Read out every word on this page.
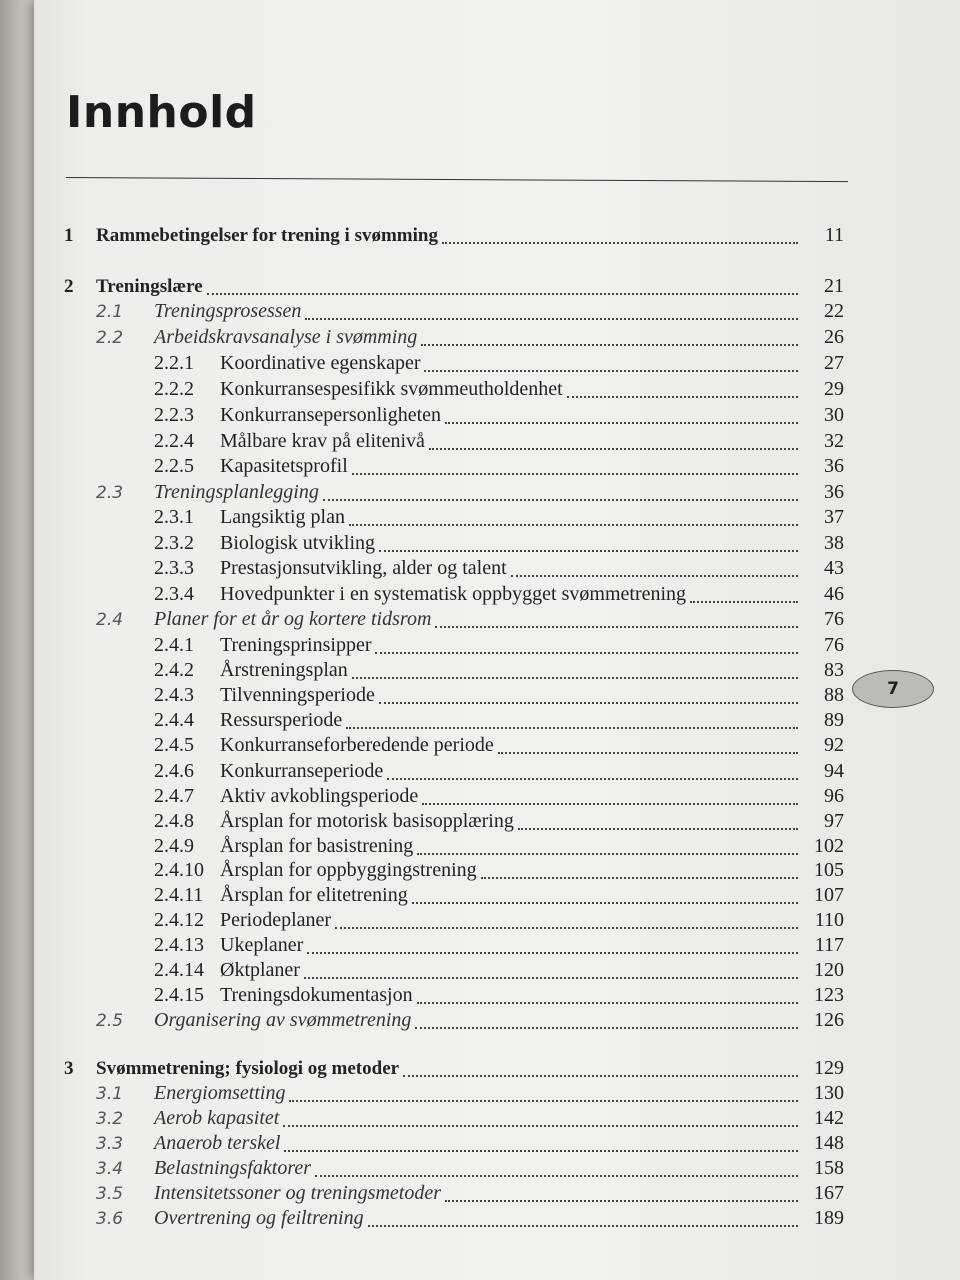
Innhold
1	Rammebetingelser for trening i svømming	11
2	Treningslære	21
2.1	Treningsprosessen	22
2.2	Arbeidskravsanalyse i svømming	26
2.2.1	Koordinative egenskaper	27
2.2.2	Konkurransespesifikk svømmeutholdenhet	29
2.2.3	Konkurransepersonligheten	30
2.2.4	Målbare krav på elitenivå	32
2.2.5	Kapasitetsprofil	36
2.3	Treningsplanlegging	36
2.3.1	Langsiktig plan	37
2.3.2	Biologisk utvikling	38
2.3.3	Prestasjonsutvikling, alder og talent	43
2.3.4	Hovedpunkter i en systematisk oppbygget svømmetrening	46
2.4	Planer for et år og kortere tidsrom	76
2.4.1	Treningsprinsipper	76
2.4.2	Årstreningsplan	83
2.4.3	Tilvenningsperiode	88
2.4.4	Ressursperiode	89
2.4.5	Konkurranseforberedende periode	92
2.4.6	Konkurranseperiode	94
2.4.7	Aktiv avkoblingsperiode	96
2.4.8	Årsplan for motorisk basisopplæring	97
2.4.9	Årsplan for basistrening	102
2.4.10 Årsplan for oppbyggingstrening	105
2.4.11 Årsplan for elitetrening	107
2.4.12 Periodeplaner	110
2.4.13 Ukeplaner	117
2.4.14 Øktplaner	120
2.4.15 Treningsdokumentasjon	123
2.5	Organisering av svømmetrening	126
3	Svømmetrening; fysiologi og metoder	129
3.1	Energiomsetting	130
3.2	Aerob kapasitet	142
3.3	Anaerob terskel	148
3.4	Belastningsfaktorer	158
3.5	Intensitetssoner og treningsmetoder	167
3.6	Overtrening og feiltrening	189
7
